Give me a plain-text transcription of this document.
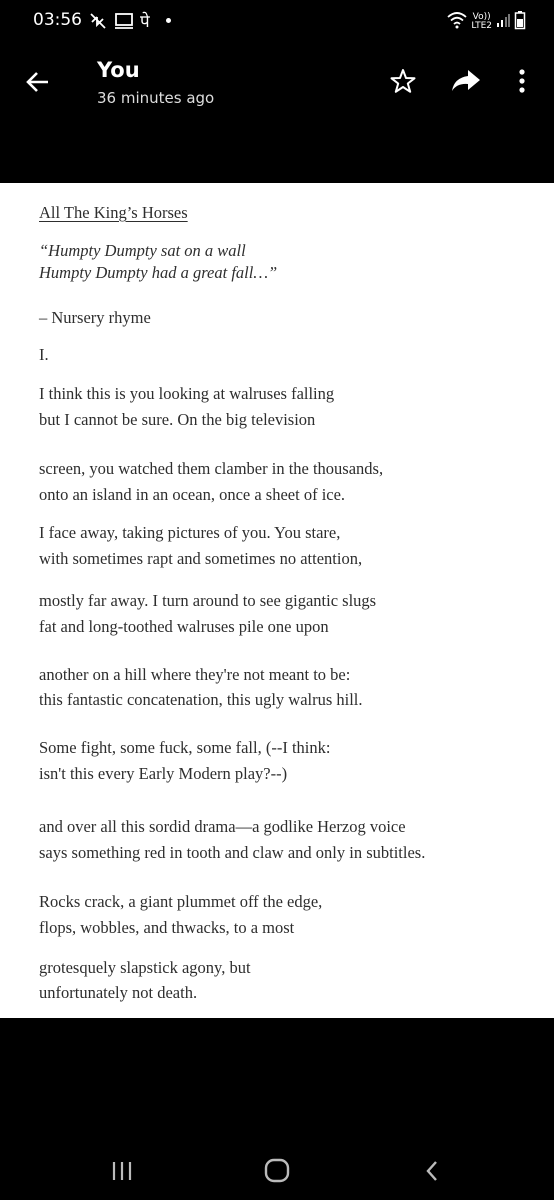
03:56	पे	Vo))
LTE2
You
36 minutes ago
All The King’s Horses
“Humpty Dumpty sat on a wall
Humpty Dumpty had a great fall…”
– Nursery rhyme
I.
I think this is you looking at walruses falling
but I cannot be sure. On the big television
screen, you watched them clamber in the thousands,
onto an island in an ocean, once a sheet of ice.
I face away, taking pictures of you. You stare,
with sometimes rapt and sometimes no attention,
mostly far away. I turn around to see gigantic slugs
fat and long-toothed walruses pile one upon
another on a hill where they're not meant to be:
this fantastic concatenation, this ugly walrus hill.
Some fight, some fuck, some fall, (--I think:
isn't this every Early Modern play?--)
and over all this sordid drama—a godlike Herzog voice
says something red in tooth and claw and only in subtitles.
Rocks crack, a giant plummet off the edge,
flops, wobbles, and thwacks, to a most
grotesquely slapstick agony, but
unfortunately not death.
